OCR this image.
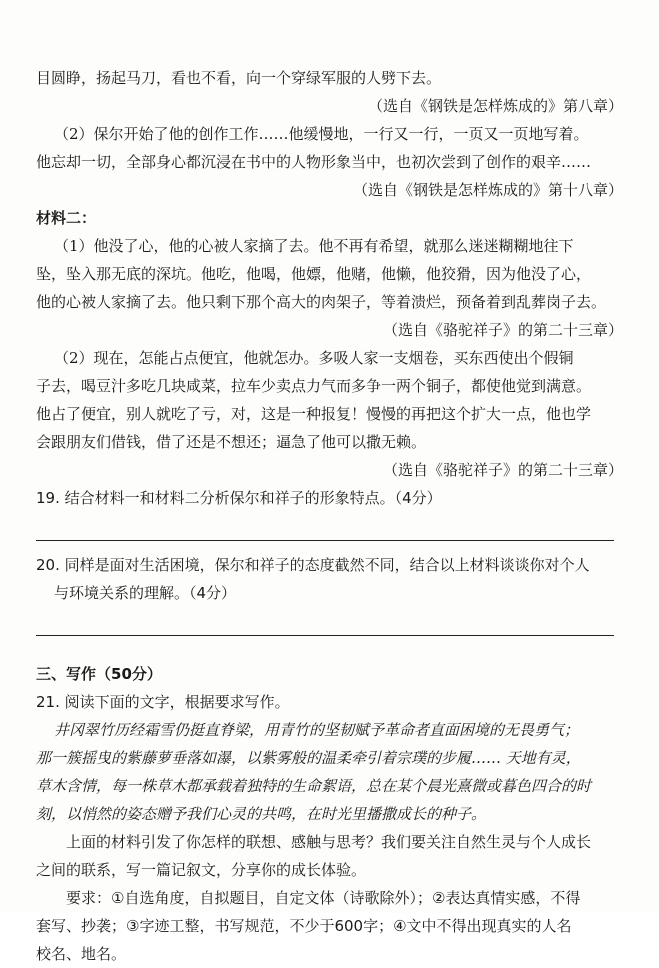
目圆睁，扬起马刀，看也不看，向一个穿绿军服的人劈下去。
（选自《钢铁是怎样炼成的》第八章）
（2）保尔开始了他的创作工作……他缓慢地，一行又一行，一页又一页地写着。
他忘却一切，全部身心都沉浸在书中的人物形象当中，也初次尝到了创作的艰辛……
（选自《钢铁是怎样炼成的》第十八章）
材料二：
（1）他没了心，他的心被人家摘了去。他不再有希望，就那么迷迷糊糊地往下
坠，坠入那无底的深坑。他吃，他喝，他嫖，他赌，他懒，他狡猾，因为他没了心，
他的心被人家摘了去。他只剩下那个高大的肉架子，等着溃烂，预备着到乱葬岗子去。
（选自《骆驼祥子》的第二十三章）
（2）现在，怎能占点便宜，他就怎办。多吸人家一支烟卷，买东西使出个假铜
子去，喝豆汁多吃几块咸菜，拉车少卖点力气而多争一两个铜子，都使他觉到满意。
他占了便宜，别人就吃了亏，对，这是一种报复！慢慢的再把这个扩大一点，他也学
会跟朋友们借钱，借了还是不想还；逼急了他可以撒无赖。
（选自《骆驼祥子》的第二十三章）
19. 结合材料一和材料二分析保尔和祥子的形象特点。（4分）
20. 同样是面对生活困境，保尔和祥子的态度截然不同，结合以上材料谈谈你对个人
与环境关系的理解。（4分）
三、写作（50分）
21. 阅读下面的文字，根据要求写作。
井冈翠竹历经霜雪仍挺直脊梁，用青竹的坚韧赋予革命者直面困境的无畏勇气；
那一簇摇曳的紫藤萝垂落如瀑，以紫雾般的温柔牵引着宗璞的步履…… 天地有灵，
草木含情，每一株草木都承载着独特的生命絮语，总在某个晨光熹微或暮色四合的时
刻，以悄然的姿态赠予我们心灵的共鸣，在时光里播撒成长的种子。
上面的材料引发了你怎样的联想、感触与思考？我们要关注自然生灵与个人成长
之间的联系，写一篇记叙文，分享你的成长体验。
要求：①自选角度，自拟题目，自定文体（诗歌除外）；②表达真情实感，不得
套写、抄袭；③字迹工整，书写规范，不少于600字；④文中不得出现真实的人名
校名、地名。
